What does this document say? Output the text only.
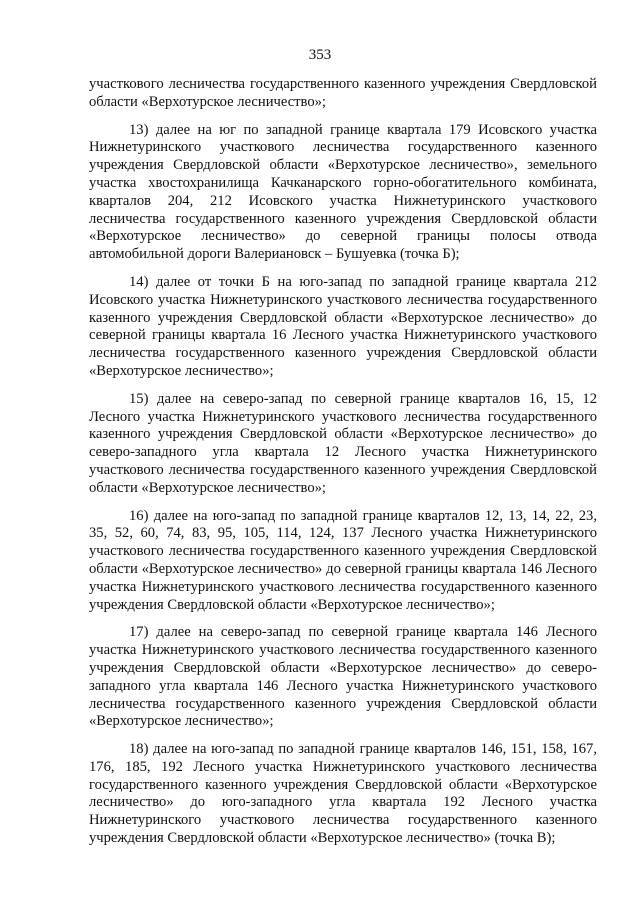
353

участкового лесничества государственного казенного учреждения Свердловской области «Верхотурское лесничество»;

13) далее на юг по западной границе квартала 179 Исовского участка Нижнетуринского участкового лесничества государственного казенного учреждения Свердловской области «Верхотурское лесничество», земельного участка хвостохранилища Качканарского горно-обогатительного комбината, кварталов 204, 212 Исовского участка Нижнетуринского участкового лесничества государственного казенного учреждения Свердловской области «Верхотурское лесничество» до северной границы полосы отвода автомобильной дороги Валериановск – Бушуевка (точка Б);

14) далее от точки Б на юго-запад по западной границе квартала 212 Исовского участка Нижнетуринского участкового лесничества государственного казенного учреждения Свердловской области «Верхотурское лесничество» до северной границы квартала 16 Лесного участка Нижнетуринского участкового лесничества государственного казенного учреждения Свердловской области «Верхотурское лесничество»;

15) далее на северо-запад по северной границе кварталов 16, 15, 12 Лесного участка Нижнетуринского участкового лесничества государственного казенного учреждения Свердловской области «Верхотурское лесничество» до северо-западного угла квартала 12 Лесного участка Нижнетуринского участкового лесничества государственного казенного учреждения Свердловской области «Верхотурское лесничество»;

16) далее на юго-запад по западной границе кварталов 12, 13, 14, 22, 23, 35, 52, 60, 74, 83, 95, 105, 114, 124, 137 Лесного участка Нижнетуринского участкового лесничества государственного казенного учреждения Свердловской области «Верхотурское лесничество» до северной границы квартала 146 Лесного участка Нижнетуринского участкового лесничества государственного казенного учреждения Свердловской области «Верхотурское лесничество»;

17) далее на северо-запад по северной границе квартала 146 Лесного участка Нижнетуринского участкового лесничества государственного казенного учреждения Свердловской области «Верхотурское лесничество» до северо-западного угла квартала 146 Лесного участка Нижнетуринского участкового лесничества государственного казенного учреждения Свердловской области «Верхотурское лесничество»;

18) далее на юго-запад по западной границе кварталов 146, 151, 158, 167, 176, 185, 192 Лесного участка Нижнетуринского участкового лесничества государственного казенного учреждения Свердловской области «Верхотурское лесничество» до юго-западного угла квартала 192 Лесного участка Нижнетуринского участкового лесничества государственного казенного учреждения Свердловской области «Верхотурское лесничество» (точка В);
